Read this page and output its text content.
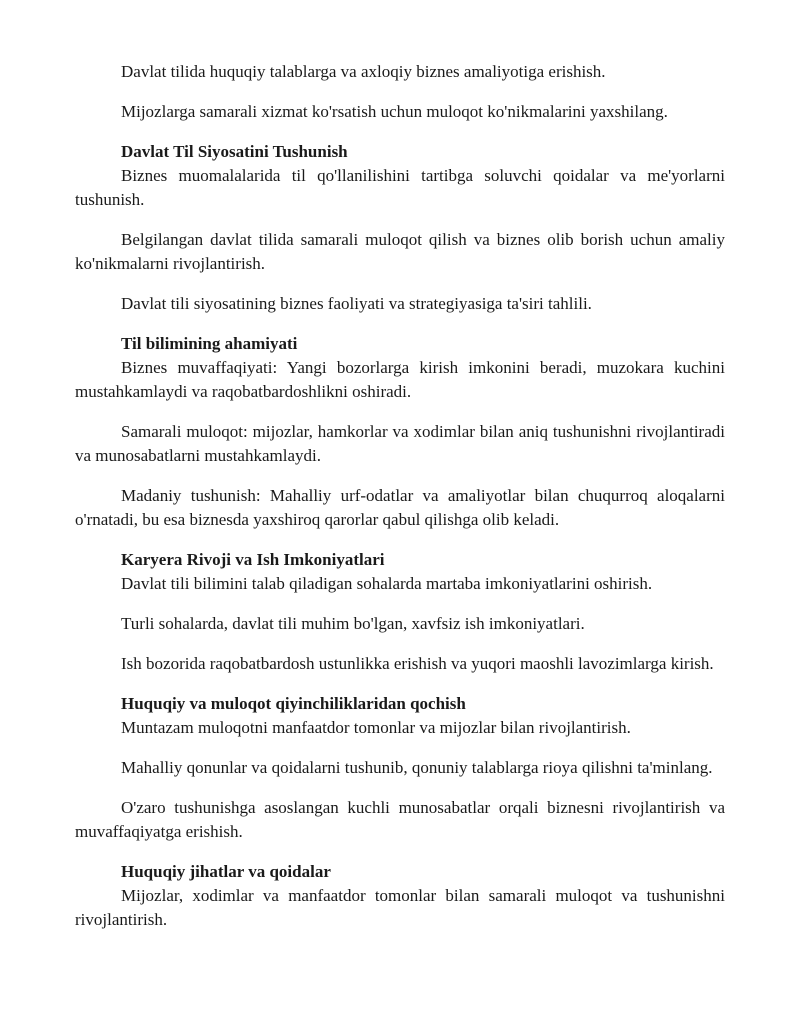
Davlat tilida huquqiy talablarga va axloqiy biznes amaliyotiga erishish.

Mijozlarga samarali xizmat ko'rsatish uchun muloqot ko'nikmalarini yaxshilang.

Davlat Til Siyosatini Tushunish

Biznes muomalalarida til qo'llanilishini tartibga soluvchi qoidalar va me'yorlarni tushunish.

Belgilangan davlat tilida samarali muloqot qilish va biznes olib borish uchun amaliy ko'nikmalarni rivojlantirish.

Davlat tili siyosatining biznes faoliyati va strategiyasiga ta'siri tahlili.

Til bilimining ahamiyati

Biznes muvaffaqiyati: Yangi bozorlarga kirish imkonini beradi, muzokara kuchini mustahkamlaydi va raqobatbardoshlikni oshiradi.

Samarali muloqot: mijozlar, hamkorlar va xodimlar bilan aniq tushunishni rivojlantiradi va munosabatlarni mustahkamlaydi.

Madaniy tushunish: Mahalliy urf-odatlar va amaliyotlar bilan chuqurroq aloqalarni o'rnatadi, bu esa biznesda yaxshiroq qarorlar qabul qilishga olib keladi.

Karyera Rivoji va Ish Imkoniyatlari

Davlat tili bilimini talab qiladigan sohalarda martaba imkoniyatlarini oshirish.

Turli sohalarda, davlat tili muhim bo'lgan, xavfsiz ish imkoniyatlari.

Ish bozorida raqobatbardosh ustunlikka erishish va yuqori maoshli lavozimlarga kirish.

Huquqiy va muloqot qiyinchiliklaridan qochish

Muntazam muloqotni manfaatdor tomonlar va mijozlar bilan rivojlantirish.

Mahalliy qonunlar va qoidalarni tushunib, qonuniy talablarga rioya qilishni ta'minlang.

O'zaro tushunishga asoslangan kuchli munosabatlar orqali biznesni rivojlantirish va muvaffaqiyatga erishish.

Huquqiy jihatlar va qoidalar

Mijozlar, xodimlar va manfaatdor tomonlar bilan samarali muloqot va tushunishni rivojlantirish.
